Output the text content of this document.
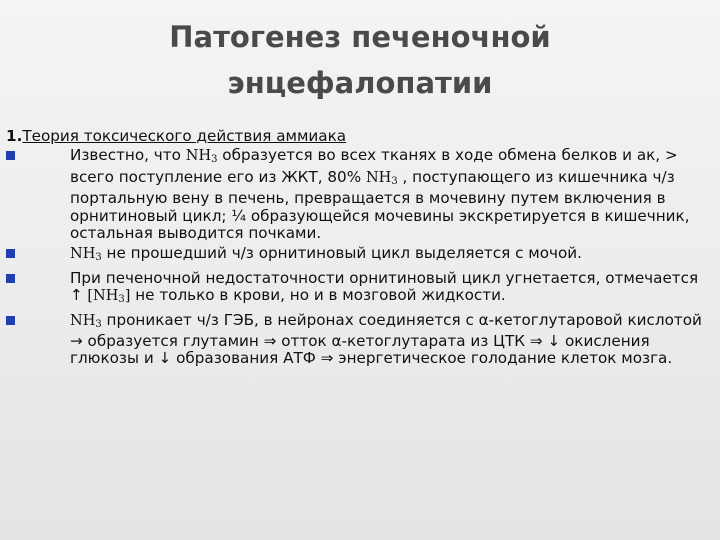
Патогенез печеночной
энцефалопатии
1.Теория токсического действия аммиака
Известно, что $NH_3$ образуется во всех тканях в ходе обмена белков и ак, > всего поступление его из ЖКТ, 80% $NH_3$ , поступающего из кишечника ч/з портальную вену в печень, превращается в мочевину путем включения в орнитиновый цикл; ¼ образующейся мочевины экскретируется в кишечник, остальная выводится почками.
$NH_3$ не прошедший ч/з орнитиновый цикл выделяется с мочой.
При печеночной недостаточности орнитиновый цикл угнетается, отмечается ↑ $[NH_3]$ не только в крови, но и в мозговой жидкости.
$NH_3$ проникает ч/з ГЭБ, в нейронах соединяется с α-кетоглутаровой кислотой → образуется глутамин ⇒ отток α-кетоглутарата из ЦТК ⇒ ↓ окисления глюкозы и ↓ образования АТФ ⇒ энергетическое голодание клеток мозга.
